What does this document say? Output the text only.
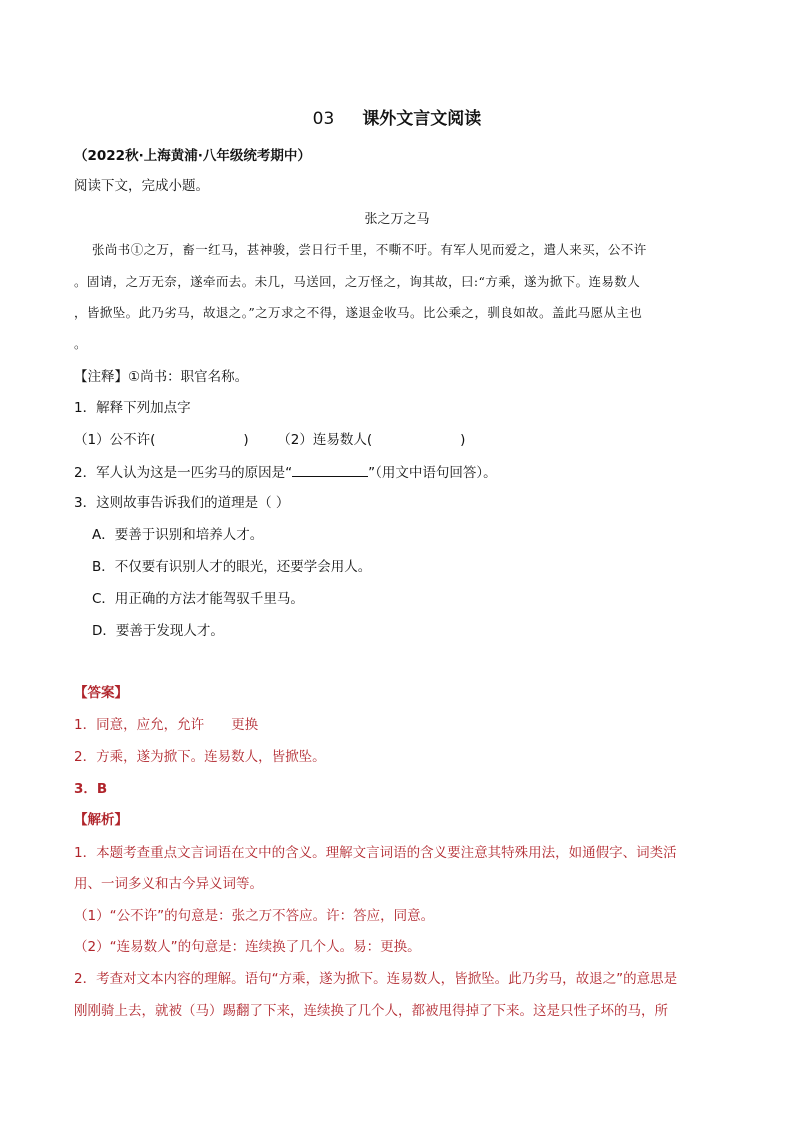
03 课外文言文阅读
（2022秋·上海黄浦·八年级统考期中）
阅读下文，完成小题。
张之万之马
张尚书①之万，畜一红马，甚神骏，尝日行千里，不嘶不吁。有军人见而爱之，遣人来买，公不许
。固请，之万无奈，遂牵而去。未几，马送回，之万怪之，询其故，曰:“方乘，遂为掀下。连易数人
，皆掀坠。此乃劣马，故退之。”之万求之不得，遂退金收马。比公乘之，驯良如故。盖此马愿从主也
。
【注释】①尚书：职官名称。
1．解释下列加点字
（1）公不许(	) （2）连易数人(	)
2．军人认为这是一匹劣马的原因是“	”（用文中语句回答）。
3．这则故事告诉我们的道理是（ ）
A．要善于识别和培养人才。
B．不仅要有识别人才的眼光，还要学会用人。
C．用正确的方法才能驾驭千里马。
D．要善于发现人才。
【答案】
1．同意，应允，允许　　更换
2．方乘，遂为掀下。连易数人，皆掀坠。
3．B
【解析】
1．本题考查重点文言词语在文中的含义。理解文言词语的含义要注意其特殊用法，如通假字、词类活
用、一词多义和古今异义词等。
（1）“公不许”的句意是：张之万不答应。许：答应，同意。
（2）“连易数人”的句意是：连续换了几个人。易：更换。
2．考查对文本内容的理解。语句“方乘，遂为掀下。连易数人，皆掀坠。此乃劣马，故退之”的意思是
刚刚骑上去，就被（马）踢翻了下来，连续换了几个人，都被甩得掉了下来。这是只性子坏的马，所
